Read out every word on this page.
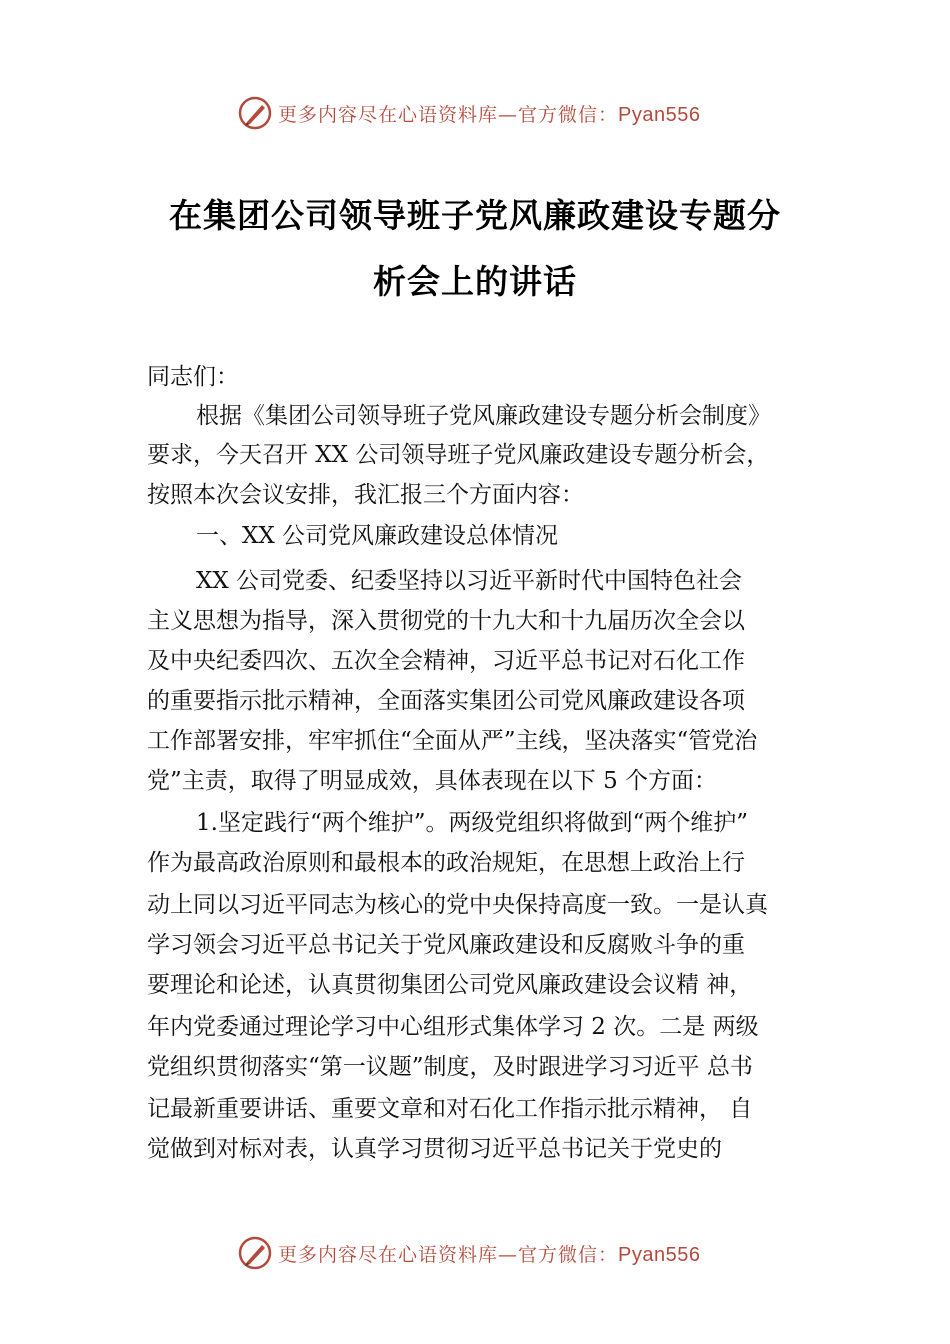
更多内容尽在心语资料库—官方微信：Pyan556
在集团公司领导班子党风廉政建设专题分
析会上的讲话
同志们：
根据《集团公司领导班子党风廉政建设专题分析会制度》
要求，今天召开 XX 公司领导班子党风廉政建设专题分析会，
按照本次会议安排，我汇报三个方面内容：
一、XX 公司党风廉政建设总体情况
XX 公司党委、纪委坚持以习近平新时代中国特色社会
主义思想为指导，深入贯彻党的十九大和十九届历次全会以
及中央纪委四次、五次全会精神，习近平总书记对石化工作
的重要指示批示精神，全面落实集团公司党风廉政建设各项
工作部署安排，牢牢抓住“全面从严”主线，坚决落实“管党治
党”主责，取得了明显成效，具体表现在以下 5 个方面：
1.坚定践行“两个维护”。两级党组织将做到“两个维护”
作为最高政治原则和最根本的政治规矩，在思想上政治上行
动上同以习近平同志为核心的党中央保持高度一致。一是认真
学习领会习近平总书记关于党风廉政建设和反腐败斗争的重
要理论和论述，认真贯彻集团公司党风廉政建设会议精 神，
年内党委通过理论学习中心组形式集体学习 2 次。二是 两级
党组织贯彻落实“第一议题”制度，及时跟进学习习近平 总书
记最新重要讲话、重要文章和对石化工作指示批示精神， 自
觉做到对标对表，认真学习贯彻习近平总书记关于党史的
更多内容尽在心语资料库—官方微信：Pyan556
